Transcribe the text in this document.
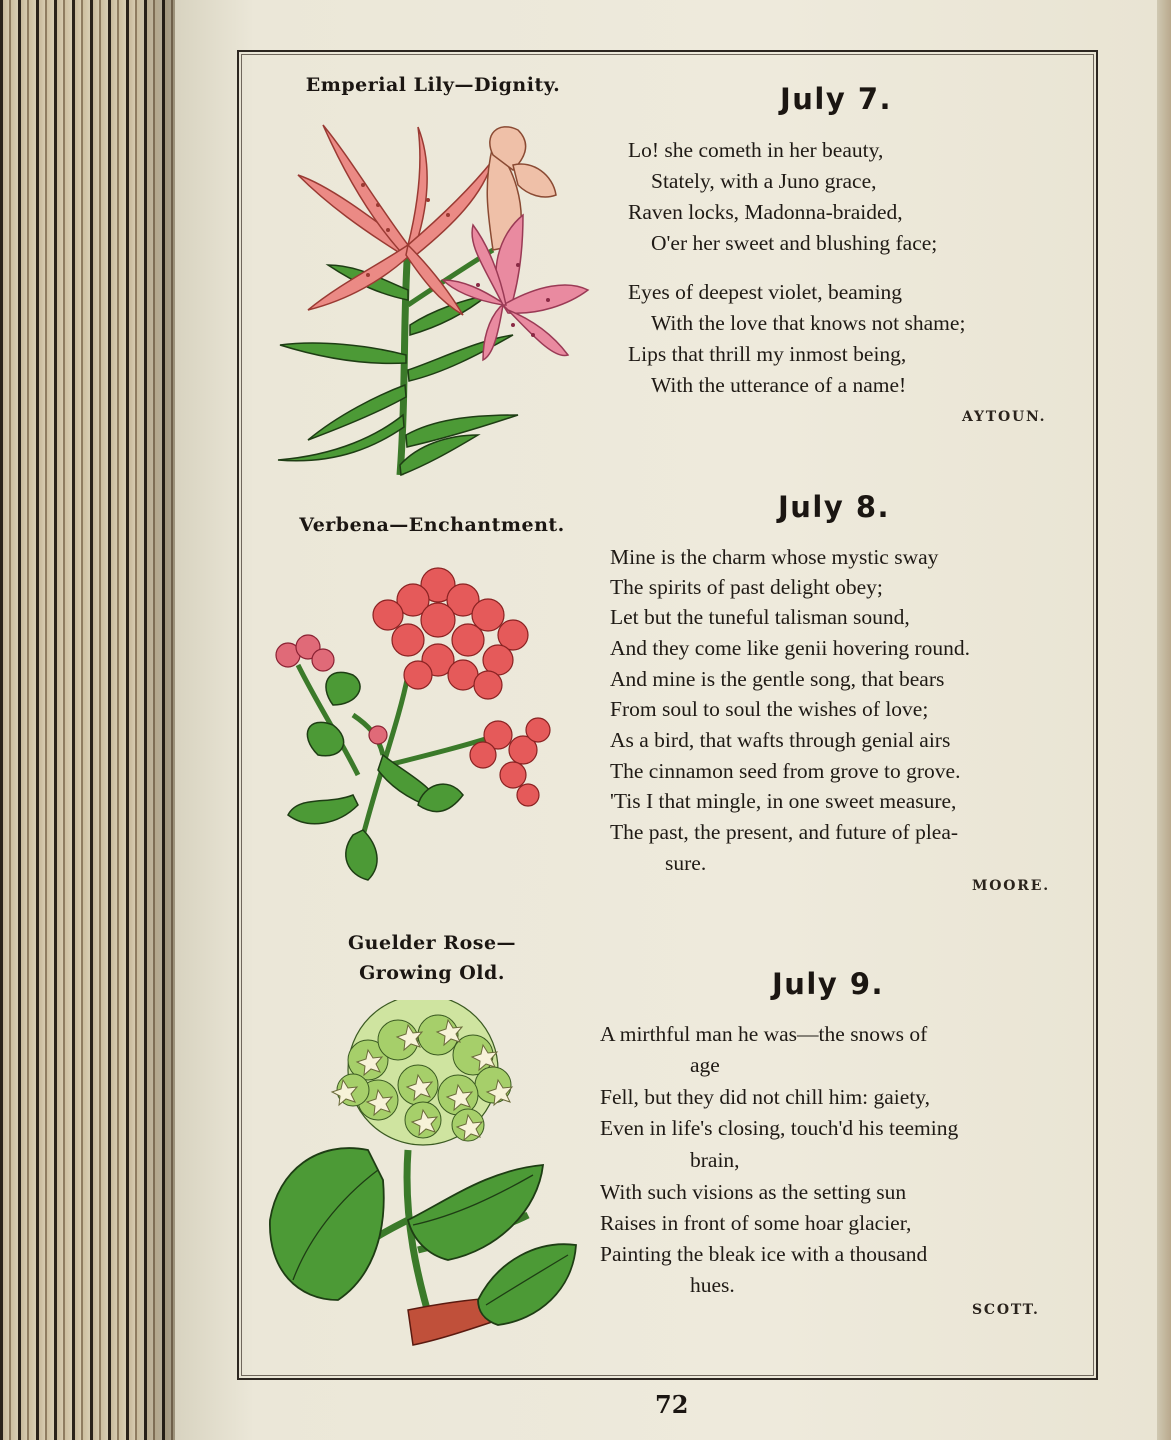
Emperial Lily—Dignity.
Verbena—Enchantment.
Guelder Rose—
Growing Old.
July 7.
Lo! she cometh in her beauty,
Stately, with a Juno grace,
Raven locks, Madonna-braided,
O'er her sweet and blushing face;
Eyes of deepest violet, beaming
With the love that knows not shame;
Lips that thrill my inmost being,
With the utterance of a name!
AYTOUN.
July 8.
Mine is the charm whose mystic sway
The spirits of past delight obey;
Let but the tuneful talisman sound,
And they come like genii hovering round.
And mine is the gentle song, that bears
From soul to soul the wishes of love;
As a bird, that wafts through genial airs
The cinnamon seed from grove to grove.
'Tis I that mingle, in one sweet measure,
The past, the present, and future of plea-
sure.
MOORE.
July 9.
A mirthful man he was—the snows of
age
Fell, but they did not chill him: gaiety,
Even in life's closing, touch'd his teeming
brain,
With such visions as the setting sun
Raises in front of some hoar glacier,
Painting the bleak ice with a thousand
hues.
SCOTT.
72
